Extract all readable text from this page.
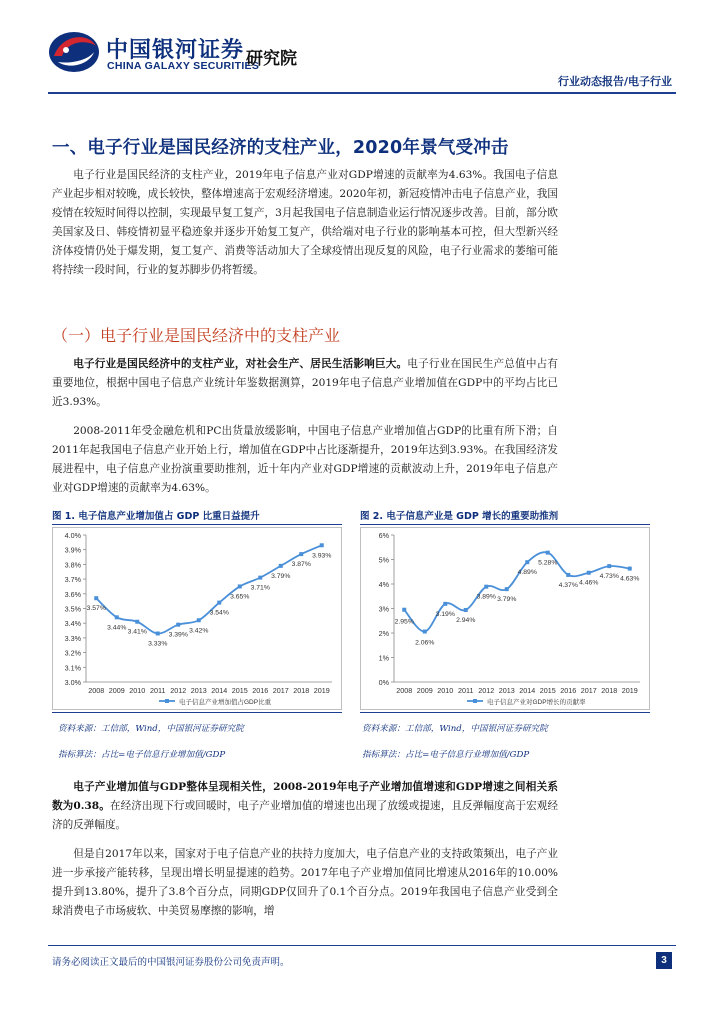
中国银河证券
CHINA GALAXY SECURITIES
研究院
行业动态报告/电子行业
一、电子行业是国民经济的支柱产业，2020年景气受冲击

电子行业是国民经济的支柱产业，2019年电子信息产业对GDP增速的贡献率为4.63%。我国电子信息产业起步相对较晚，成长较快，整体增速高于宏观经济增速。2020年初，新冠疫情冲击电子信息产业，我国疫情在较短时间得以控制，实现最早复工复产，3月起我国电子信息制造业运行情况逐步改善。目前，部分欧美国家及日、韩疫情初显平稳迹象并逐步开始复工复产，供给端对电子行业的影响基本可控，但大型新兴经济体疫情仍处于爆发期，复工复产、消费等活动加大了全球疫情出现反复的风险，电子行业需求的萎缩可能将持续一段时间，行业的复苏脚步仍将暂缓。

（一）电子行业是国民经济中的支柱产业

电子行业是国民经济中的支柱产业，对社会生产、居民生活影响巨大。电子行业在国民生产总值中占有重要地位，根据中国电子信息产业统计年鉴数据测算，2019年电子信息产业增加值在GDP中的平均占比已近3.93%。

2008-2011年受金融危机和PC出货量放缓影响，中国电子信息产业增加值占GDP的比重有所下滑；自2011年起我国电子信息产业开始上行，增加值在GDP中占比逐渐提升，2019年达到3.93%。在我国经济发展进程中，电子信息产业扮演重要助推剂，近十年内产业对GDP增速的贡献波动上升，2019年电子信息产业对GDP增速的贡献率为4.63%。

图 1. 电子信息产业增加值占 GDP 比重日益提升
3.0%
3.1%
3.2%
3.3%
3.4%
3.5%
3.6%
3.7%
3.8%
3.9%
4.0%
2008 2009 2010 2011 2012 2013 2014 2015 2016 2017 2018 2019
3.57%
3.44%
3.41%
3.33%
3.39%
3.42%
3.54%
3.65%
3.71%
3.79%
3.87%
3.93%
电子信息产业增加值占GDP比重
资料来源：工信部，Wind，中国银河证券研究院
指标算法：占比=电子信息行业增加值/GDP
图 2. 电子信息产业是 GDP 增长的重要助推剂
0%
1%
2%
3%
4%
5%
6%
2008 2009 2010 2011 2012 2013 2014 2015 2016 2017 2018 2019
2.95%
2.06%
3.19%
2.94%
3.89% 3.79%
4.89%
5.28%
4.37% 4.46%
4.73% 4.63%
电子信息产业对GDP增长的贡献率
资料来源：工信部，Wind，中国银河证券研究院
指标算法：占比=电子信息行业增加值/GDP

电子产业增加值与GDP整体呈现相关性，2008-2019年电子产业增加值增速和GDP增速之间相关系数为0.38。在经济出现下行或回暖时，电子产业增加值的增速也出现了放缓或提速，且反弹幅度高于宏观经济的反弹幅度。

但是自2017年以来，国家对于电子信息产业的扶持力度加大，电子信息产业的支持政策频出，电子产业进一步承接产能转移，呈现出增长明显提速的趋势。2017年电子产业增加值同比增速从2016年的10.00%提升到13.80%，提升了3.8个百分点，同期GDP仅回升了0.1个百分点。2019年我国电子信息产业受到全球消费电子市场疲软、中美贸易摩擦的影响，增

请务必阅读正文最后的中国银河证券股份公司免责声明。	3
